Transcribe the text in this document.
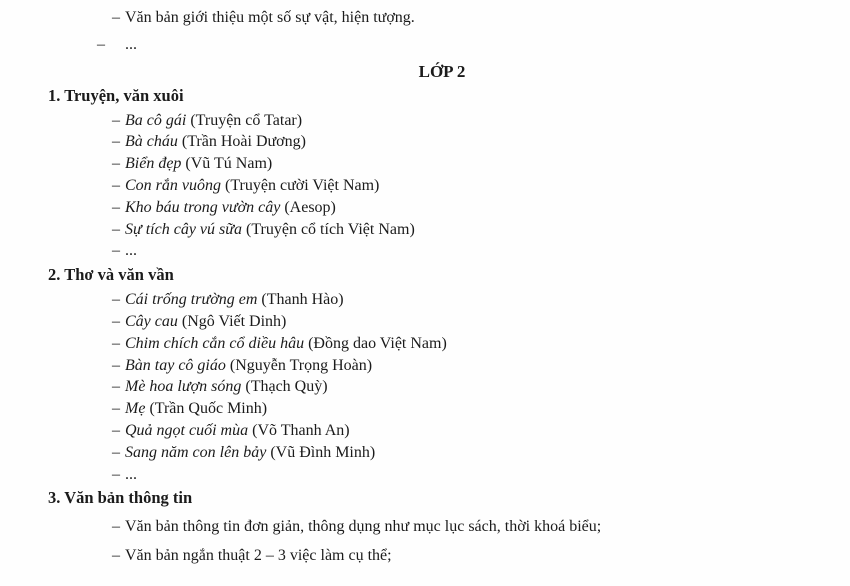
– Văn bản giới thiệu một số sự vật, hiện tượng.
– ...
LỚP 2
1. Truyện, văn xuôi
– Ba cô gái (Truyện cổ Tatar)
– Bà cháu (Trần Hoài Dương)
– Biển đẹp (Vũ Tú Nam)
– Con rắn vuông (Truyện cười Việt Nam)
– Kho báu trong vườn cây (Aesop)
– Sự tích cây vú sữa (Truyện cổ tích Việt Nam)
– ...
2. Thơ và văn vần
– Cái trống trường em (Thanh Hào)
– Cây cau (Ngô Viết Dinh)
– Chim chích cắn cổ diều hâu (Đồng dao Việt Nam)
– Bàn tay cô giáo (Nguyễn Trọng Hoàn)
– Mè hoa lượn sóng (Thạch Quỳ)
– Mẹ (Trần Quốc Minh)
– Quả ngọt cuối mùa (Võ Thanh An)
– Sang năm con lên bảy (Vũ Đình Minh)
– ...
3. Văn bản thông tin
– Văn bản thông tin đơn giản, thông dụng như mục lục sách, thời khoá biểu;
– Văn bản ngắn thuật 2 – 3 việc làm cụ thể;
